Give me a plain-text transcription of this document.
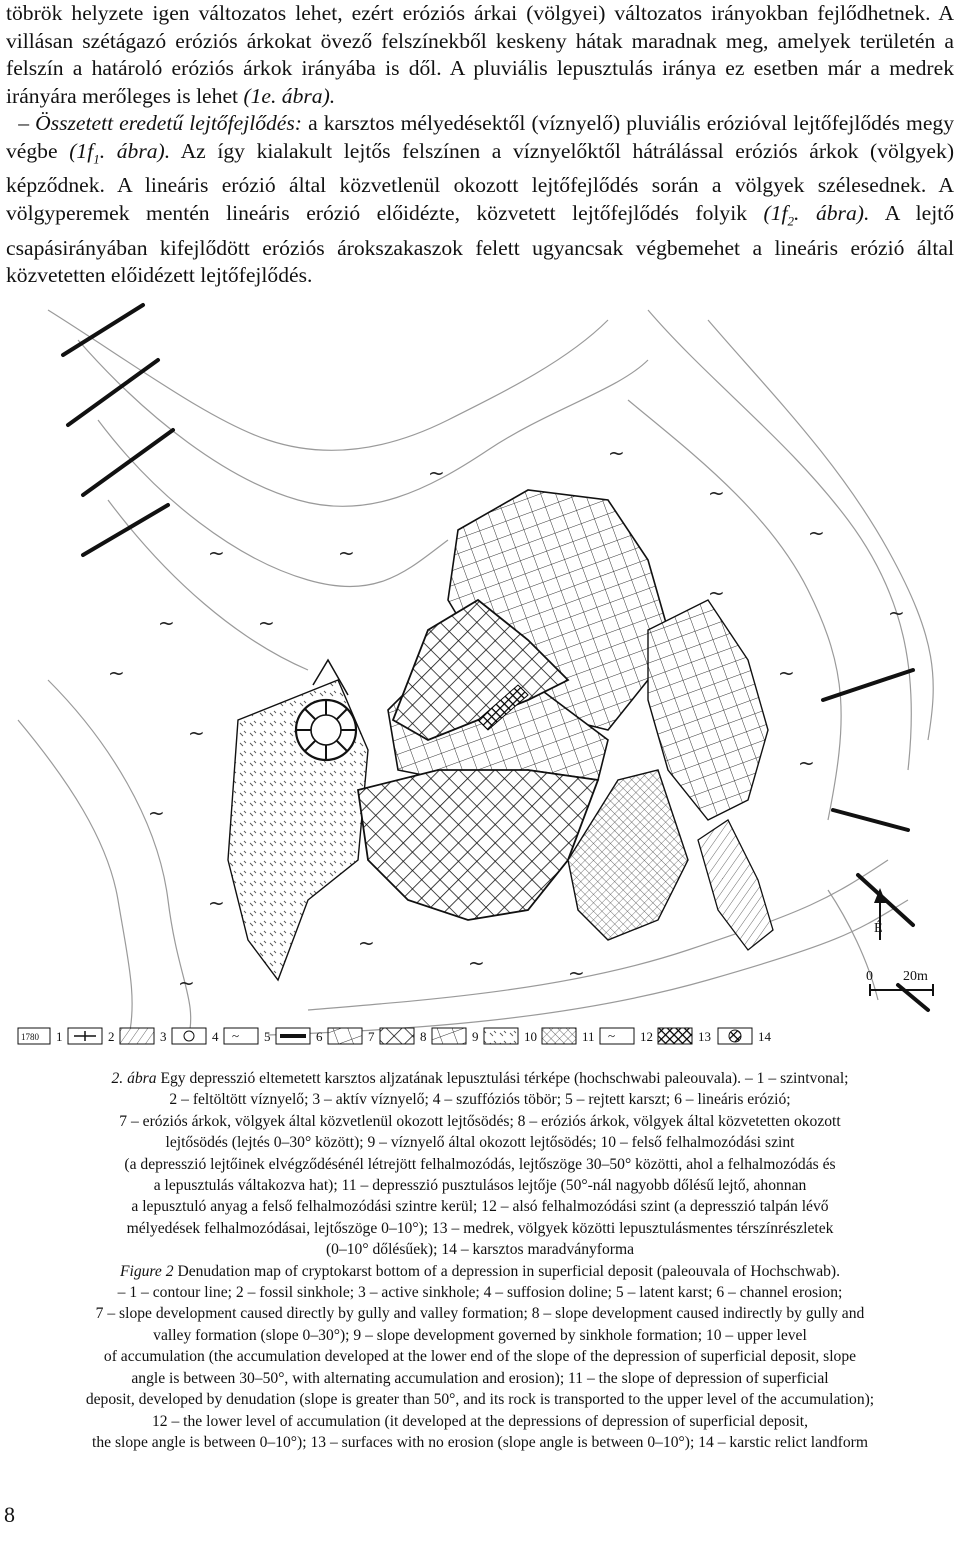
töbrök helyzete igen változatos lehet, ezért eróziós árkai (völgyei) változatos irányokban fejlődhetnek. A villásan szétágazó eróziós árkokat övező felszínekből keskeny hátak maradnak meg, amelyek területén a felszín a határoló eróziós árkok irányába is dől. A pluviális lepusztulás iránya ez esetben már a medrek irányára merőleges is lehet (1e. ábra).

– Összetett eredetű lejtőfejlődés: a karsztos mélyedésektől (víznyelő) pluviális erózióval lejtőfejlődés megy végbe ($1f_1$. ábra). Az így kialakult lejtős felszínen a víznyelőktől hátrálással eróziós árkok (völgyek) képződnek. A lineáris erózió által közvetlenül okozott lejtőfejlődés során a völgyek szélesednek. A völgyperemek mentén lineáris erózió előidézte, közvetett lejtőfejlődés folyik ($1f_2$. ábra). A lejtő csapásirányában kifejlődött eróziós árokszakaszok felett ugyancsak végbemehet a lineáris erózió által közvetetten előidézett lejtőfejlődés.

~
~
~
~
~
~
~
~
~
~
~	~
~
~
~
~
~
~
~
~
É
0 20m
1780 1	2	3	4 ~ 5	6	7	8	9	10	11 ~ 12	13	14

2. ábra Egy depresszió eltemetett karsztos aljzatának lepusztulási térképe (hochschwabi paleouvala). – 1 – szintvonal;

2 – feltöltött víznyelő; 3 – aktív víznyelő; 4 – szuffóziós töbör; 5 – rejtett karszt; 6 – lineáris erózió;

7 – eróziós árkok, völgyek által közvetlenül okozott lejtősödés; 8 – eróziós árkok, völgyek által közvetetten okozott

lejtősödés (lejtés 0–30° között); 9 – víznyelő által okozott lejtősödés; 10 – felső felhalmozódási szint

(a depresszió lejtőinek elvégződésénél létrejött felhalmozódás, lejtőszöge 30–50° közötti, ahol a felhalmozódás és

a lepusztulás váltakozva hat); 11 – depresszió pusztulásos lejtője (50°-nál nagyobb dőlésű lejtő, ahonnan

a lepusztuló anyag a felső felhalmozódási szintre kerül; 12 – alsó felhalmozódási szint (a depresszió talpán lévő

mélyedések felhalmozódásai, lejtőszöge 0–10°); 13 – medrek, völgyek közötti lepusztulásmentes térszínrészletek

(0–10° dőlésűek); 14 – karsztos maradványforma

Figure 2 Denudation map of cryptokarst bottom of a depression in superficial deposit (paleouvala of Hochschwab).

– 1 – contour line; 2 – fossil sinkhole; 3 – active sinkhole; 4 – suffosion doline; 5 – latent karst; 6 – channel erosion;

7 – slope development caused directly by gully and valley formation; 8 – slope development caused indirectly by gully and

valley formation (slope 0–30°); 9 – slope development governed by sinkhole formation; 10 – upper level

of accumulation (the accumulation developed at the lower end of the slope of the depression of superficial deposit, slope

angle is between 30–50°, with alternating accumulation and erosion); 11 – the slope of depression of superficial

deposit, developed by denudation (slope is greater than 50°, and its rock is transported to the upper level of the accumulation);

12 – the lower level of accumulation (it developed at the depressions of depression of superficial deposit,

the slope angle is between 0–10°); 13 – surfaces with no erosion (slope angle is between 0–10°); 14 – karstic relict landform

8
